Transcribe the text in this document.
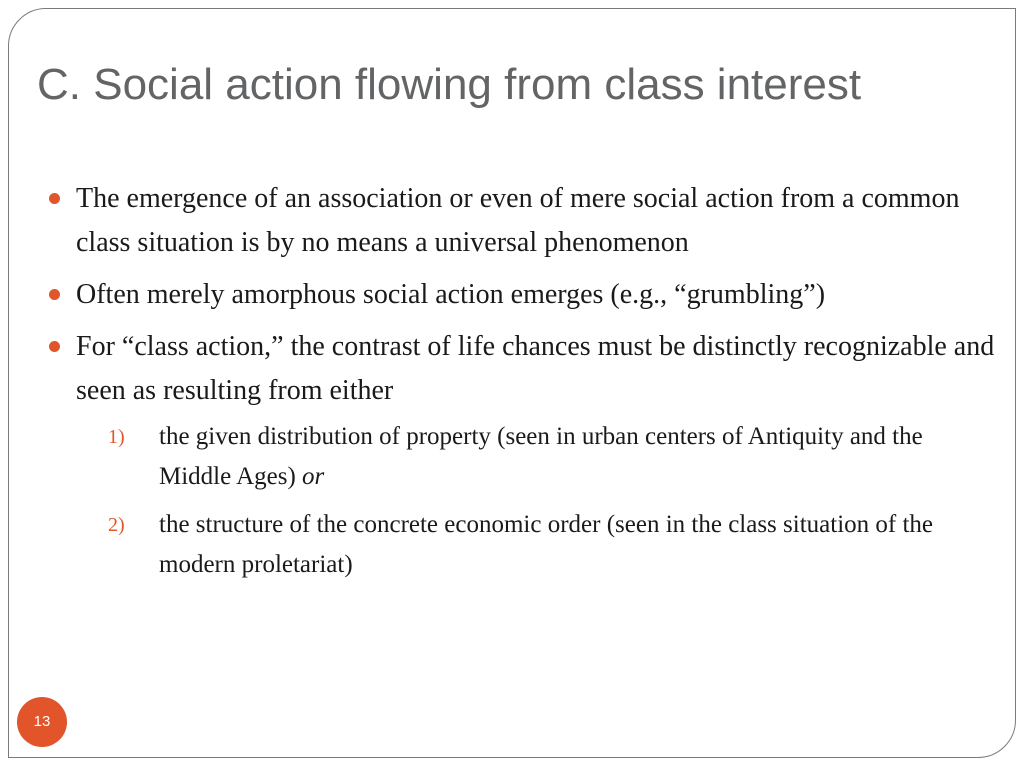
C. Social action flowing from class interest
The emergence of an association or even of mere social action from a common class situation is by no means a universal phenomenon
Often merely amorphous social action emerges (e.g., “grumbling”)
For “class action,” the contrast of life chances must be distinctly recognizable and seen as resulting from either
1) the given distribution of property (seen in urban centers of Antiquity and the Middle Ages) or
2) the structure of the concrete economic order (seen in the class situation of the modern proletariat)
13
